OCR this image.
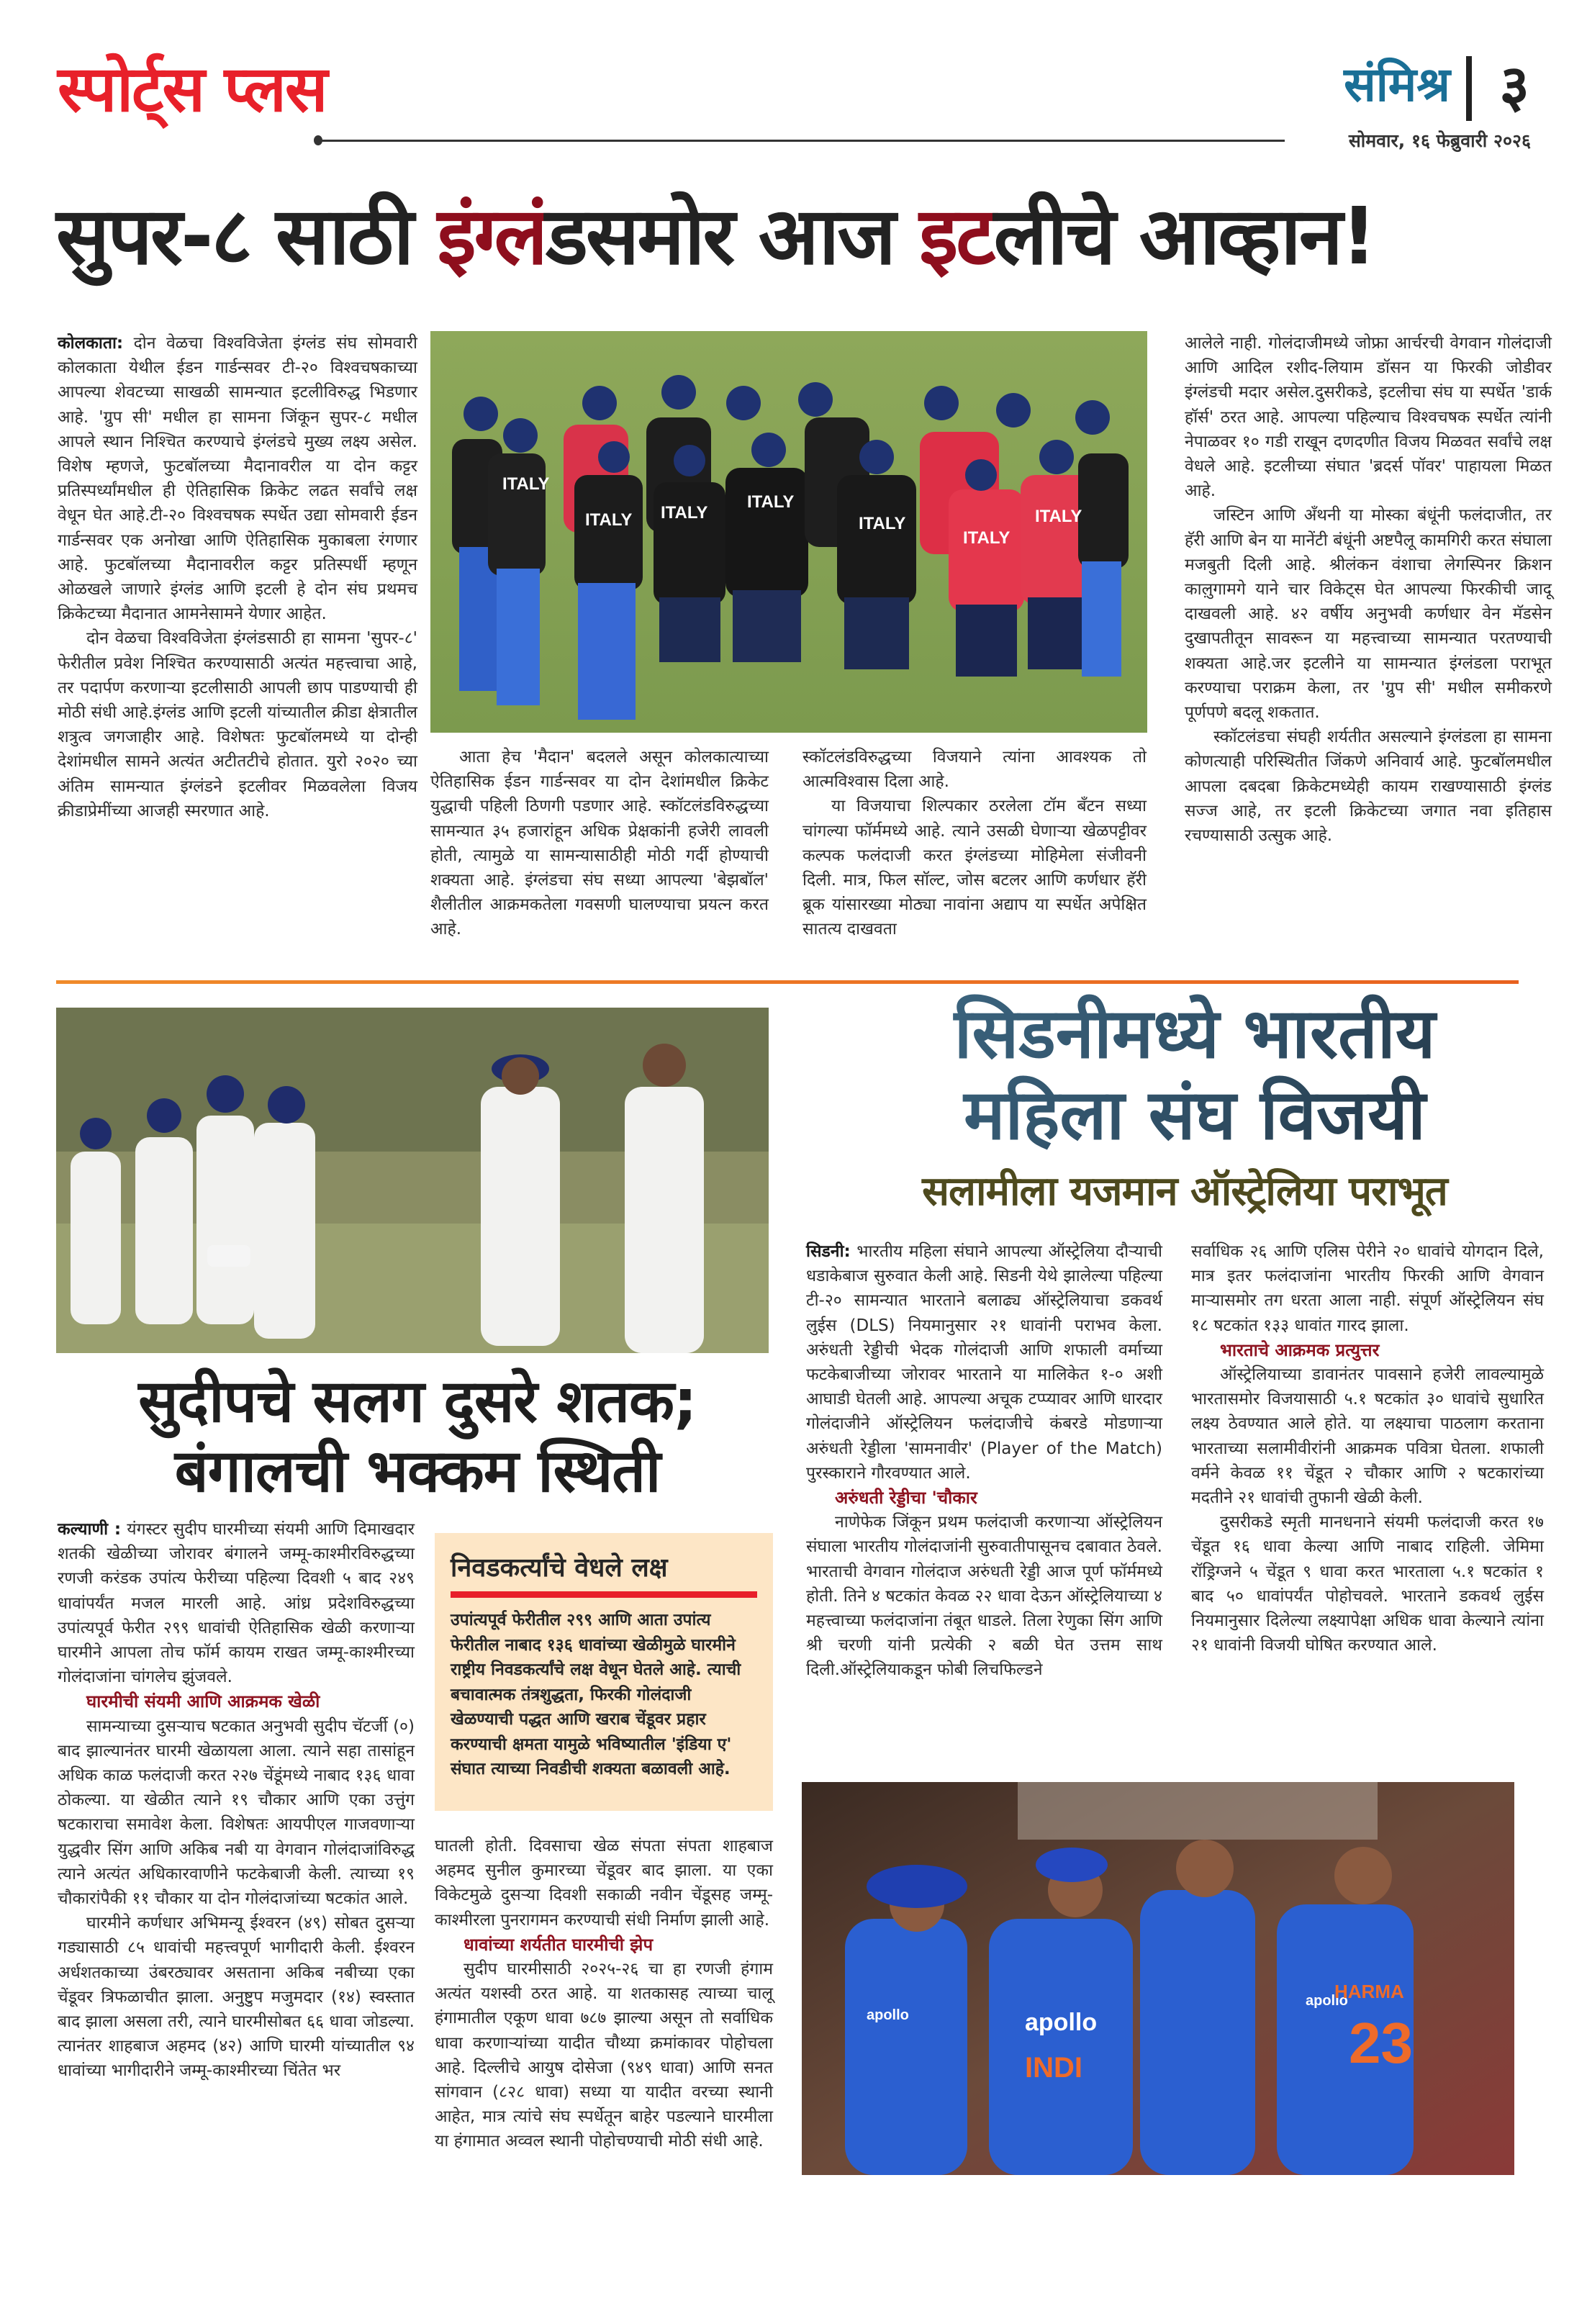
स्पोर्ट्स प्लस	संमिश्र ३
सोमवार, १६ फेब्रुवारी २०२६
सुपर-८ साठी इंग्लंडसमोर आज इटलीचे आव्हान!

कोलकाता: दोन वेळचा विश्वविजेता इंग्लंड संघ सोमवारी कोलकाता येथील ईडन गार्डन्सवर टी-२० विश्वचषकाच्या आपल्या शेवटच्या साखळी सामन्यात इटलीविरुद्ध भिडणार आहे. 'ग्रुप सी' मधील हा सामना जिंकून सुपर-८ मधील आपले स्थान निश्चित करण्याचे इंग्लंडचे मुख्य लक्ष्य असेल. विशेष म्हणजे, फुटबॉलच्या मैदानावरील या दोन कट्टर प्रतिस्पर्ध्यांमधील ही ऐतिहासिक क्रिकेट लढत सर्वांचे लक्ष वेधून घेत आहे.टी-२० विश्वचषक स्पर्धेत उद्या सोमवारी ईडन गार्डन्सवर एक अनोखा आणि ऐतिहासिक मुकाबला रंगणार आहे. फुटबॉलच्या मैदानावरील कट्टर प्रतिस्पर्धी म्हणून ओळखले जाणारे इंग्लंड आणि इटली हे दोन संघ प्रथमच क्रिकेटच्या मैदानात आमनेसामने येणार आहेत.

दोन वेळचा विश्वविजेता इंग्लंडसाठी हा सामना 'सुपर-८' फेरीतील प्रवेश निश्चित करण्यासाठी अत्यंत महत्त्वाचा आहे, तर पदार्पण करणाऱ्या इटलीसाठी आपली छाप पाडण्याची ही मोठी संधी आहे.इंग्लंड आणि इटली यांच्यातील क्रीडा क्षेत्रातील शत्रुत्व जगजाहीर आहे. विशेषतः फुटबॉलमध्ये या दोन्ही देशांमधील सामने अत्यंत अटीतटीचे होतात. युरो २०२० च्या अंतिम सामन्यात इंग्लंडने इटलीवर मिळवलेला विजय क्रीडाप्रेमींच्या आजही स्मरणात आहे.

ITALY
ITALY ITALY
ITALY
ITALY
ITALY
ITALY

आता हेच 'मैदान' बदलले असून कोलकात्याच्या ऐतिहासिक ईडन गार्डन्सवर या दोन देशांमधील क्रिकेट युद्धाची पहिली ठिणगी पडणार आहे. स्कॉटलंडविरुद्धच्या सामन्यात ३५ हजारांहून अधिक प्रेक्षकांनी हजेरी लावली होती, त्यामुळे या सामन्यासाठीही मोठी गर्दी होण्याची शक्यता आहे. इंग्लंडचा संघ सध्या आपल्या 'बेझबॉल' शैलीतील आक्रमकतेला गवसणी घालण्याचा प्रयत्न करत आहे.

स्कॉटलंडविरुद्धच्या विजयाने त्यांना आवश्यक तो आत्मविश्वास दिला आहे.

या विजयाचा शिल्पकार ठरलेला टॉम बँटन सध्या चांगल्या फॉर्ममध्ये आहे. त्याने उसळी घेणाऱ्या खेळपट्टीवर कल्पक फलंदाजी करत इंग्लंडच्या मोहिमेला संजीवनी दिली. मात्र, फिल सॉल्ट, जोस बटलर आणि कर्णधार हॅरी ब्रूक यांसारख्या मोठ्या नावांना अद्याप या स्पर्धेत अपेक्षित सातत्य दाखवता

आलेले नाही. गोलंदाजीमध्ये जोफ्रा आर्चरची वेगवान गोलंदाजी आणि आदिल रशीद-लियाम डॉसन या फिरकी जोडीवर इंग्लंडची मदार असेल.दुसरीकडे, इटलीचा संघ या स्पर्धेत 'डार्क हॉर्स' ठरत आहे. आपल्या पहिल्याच विश्वचषक स्पर्धेत त्यांनी नेपाळवर १० गडी राखून दणदणीत विजय मिळवत सर्वांचे लक्ष वेधले आहे. इटलीच्या संघात 'ब्रदर्स पॉवर' पाहायला मिळत आहे.

जस्टिन आणि अँथनी या मोस्का बंधूंनी फलंदाजीत, तर हॅरी आणि बेन या मानेंटी बंधूंनी अष्टपैलू कामगिरी करत संघाला मजबुती दिली आहे. श्रीलंकन वंशाचा लेगस्पिनर क्रिशन काल़ुगामगे याने चार विकेट्स घेत आपल्या फिरकीची जादू दाखवली आहे. ४२ वर्षीय अनुभवी कर्णधार वेन मॅडसेन दुखापतीतून सावरून या महत्त्वाच्या सामन्यात परतण्याची शक्यता आहे.जर इटलीने या सामन्यात इंग्लंडला पराभूत करण्याचा पराक्रम केला, तर 'ग्रुप सी' मधील समीकरणे पूर्णपणे बदलू शकतात.

स्कॉटलंडचा संघही शर्यतीत असल्याने इंग्लंडला हा सामना कोणत्याही परिस्थितीत जिंकणे अनिवार्य आहे. फुटबॉलमधील आपला दबदबा क्रिकेटमध्येही कायम राखण्यासाठी इंग्लंड सज्ज आहे, तर इटली क्रिकेटच्या जगात नवा इतिहास रचण्यासाठी उत्सुक आहे.

सुदीपचे सलग दुसरे शतक;
बंगालची भक्कम स्थिती

कल्याणी : यंगस्टर सुदीप घारमीच्या संयमी आणि दिमाखदार शतकी खेळीच्या जोरावर बंगालने जम्मू-काश्मीरविरुद्धच्या रणजी करंडक उपांत्य फेरीच्या पहिल्या दिवशी ५ बाद २४९ धावांपर्यंत मजल मारली आहे. आंध्र प्रदेशविरुद्धच्या उपांत्यपूर्व फेरीत २९९ धावांची ऐतिहासिक खेळी करणाऱ्या घारमीने आपला तोच फॉर्म कायम राखत जम्मू-काश्मीरच्या गोलंदाजांना चांगलेच झुंजवले.

घारमीची संयमी आणि आक्रमक खेळी

सामन्याच्या दुसऱ्याच षटकात अनुभवी सुदीप चॅटर्जी (०) बाद झाल्यानंतर घारमी खेळायला आला. त्याने सहा तासांहून अधिक काळ फलंदाजी करत २२७ चेंडूंमध्ये नाबाद १३६ धावा ठोकल्या. या खेळीत त्याने १९ चौकार आणि एका उत्तुंग षटकाराचा समावेश केला. विशेषतः आयपीएल गाजवणाऱ्या युद्धवीर सिंग आणि अकिब नबी या वेगवान गोलंदाजांविरुद्ध त्याने अत्यंत अधिकारवाणीने फटकेबाजी केली. त्याच्या १९ चौकारांपैकी ११ चौकार या दोन गोलंदाजांच्या षटकांत आले.

घारमीने कर्णधार अभिमन्यू ईश्वरन (४९) सोबत दुसऱ्या गड्यासाठी ८५ धावांची महत्त्वपूर्ण भागीदारी केली. ईश्वरन अर्धशतकाच्या उंबरठ्यावर असताना अकिब नबीच्या एका चेंडूवर त्रिफळाचीत झाला. अनुष्टुप मजुमदार (१४) स्वस्तात बाद झाला असला तरी, त्याने घारमीसोबत ६६ धावा जोडल्या. त्यानंतर शाहबाज अहमद (४२) आणि घारमी यांच्यातील ९४ धावांच्या भागीदारीने जम्मू-काश्मीरच्या चिंतेत भर

निवडकर्त्यांचे वेधले लक्ष
उपांत्यपूर्व फेरीतील २९९ आणि आता उपांत्य फेरीतील नाबाद १३६ धावांच्या खेळीमुळे घारमीने राष्ट्रीय निवडकर्त्यांचे लक्ष वेधून घेतले आहे. त्याची बचावात्मक तंत्रशुद्धता, फिरकी गोलंदाजी खेळण्याची पद्धत आणि खराब चेंडूवर प्रहार करण्याची क्षमता यामुळे भविष्यातील 'इंडिया ए' संघात त्याच्या निवडीची शक्यता बळावली आहे.

घातली होती. दिवसाचा खेळ संपता संपता शाहबाज अहमद सुनील कुमारच्या चेंडूवर बाद झाला. या एका विकेटमुळे दुसऱ्या दिवशी सकाळी नवीन चेंडूसह जम्मू-काश्मीरला पुनरागमन करण्याची संधी निर्माण झाली आहे.

धावांच्या शर्यतीत घारमीची झेप

सुदीप घारमीसाठी २०२५-२६ चा हा रणजी हंगाम अत्यंत यशस्वी ठरत आहे. या शतकासह त्याच्या चालू हंगामातील एकूण धावा ७८७ झाल्या असून तो सर्वाधिक धावा करणाऱ्यांच्या यादीत चौथ्या क्रमांकावर पोहोचला आहे. दिल्लीचे आयुष दोसेजा (९४९ धावा) आणि सनत सांगवान (८२८ धावा) सध्या या यादीत वरच्या स्थानी आहेत, मात्र त्यांचे संघ स्पर्धेतून बाहेर पडल्याने घारमीला या हंगामात अव्वल स्थानी पोहोचण्याची मोठी संधी आहे.

सिडनीमध्ये भारतीय
महिला संघ विजयी
सलामीला यजमान ऑस्ट्रेलिया पराभूत

सिडनी: भारतीय महिला संघाने आपल्या ऑस्ट्रेलिया दौऱ्याची धडाकेबाज सुरुवात केली आहे. सिडनी येथे झालेल्या पहिल्या टी-२० सामन्यात भारताने बलाढ्य ऑस्ट्रेलियाचा डकवर्थ लुईस (DLS) नियमानुसार २१ धावांनी पराभव केला. अरुंधती रेड्डीची भेदक गोलंदाजी आणि शफाली वर्माच्या फटकेबाजीच्या जोरावर भारताने या मालिकेत १-० अशी आघाडी घेतली आहे. आपल्या अचूक टप्प्यावर आणि धारदार गोलंदाजीने ऑस्ट्रेलियन फलंदाजीचे कंबरडे मोडणाऱ्या अरुंधती रेड्डीला 'सामनावीर' (Player of the Match) पुरस्काराने गौरवण्यात आले.

अरुंधती रेड्डीचा 'चौकार

नाणेफेक जिंकून प्रथम फलंदाजी करणाऱ्या ऑस्ट्रेलियन संघाला भारतीय गोलंदाजांनी सुरुवातीपासूनच दबावात ठेवले. भारताची वेगवान गोलंदाज अरुंधती रेड्डी आज पूर्ण फॉर्ममध्ये होती. तिने ४ षटकांत केवळ २२ धावा देऊन ऑस्ट्रेलियाच्या ४ महत्त्वाच्या फलंदाजांना तंबूत धाडले. तिला रेणुका सिंग आणि श्री चरणी यांनी प्रत्येकी २ बळी घेत उत्तम साथ दिली.ऑस्ट्रेलियाकडून फोबी लिचफिल्डने

सर्वाधिक २६ आणि एलिस पेरीने २० धावांचे योगदान दिले, मात्र इतर फलंदाजांना भारतीय फिरकी आणि वेगवान माऱ्यासमोर तग धरता आला नाही. संपूर्ण ऑस्ट्रेलियन संघ १८ षटकांत १३३ धावांत गारद झाला.

भारताचे आक्रमक प्रत्युत्तर

ऑस्ट्रेलियाच्या डावानंतर पावसाने हजेरी लावल्यामुळे भारतासमोर विजयासाठी ५.१ षटकांत ३० धावांचे सुधारित लक्ष्य ठेवण्यात आले होते. या लक्ष्याचा पाठलाग करताना भारताच्या सलामीवीरांनी आक्रमक पवित्रा घेतला. शफाली वर्मने केवळ ११ चेंडूत २ चौकार आणि २ षटकारांच्या मदतीने २१ धावांची तुफानी खेळी केली.

दुसरीकडे स्मृती मानधनाने संयमी फलंदाजी करत १७ चेंडूत १६ धावा केल्या आणि नाबाद राहिली. जेमिमा रॉड्रिग्जने ५ चेंडूत ९ धावा करत भारताला ५.१ षटकांत १ बाद ५० धावांपर्यंत पोहोचवले. भारताने डकवर्थ लुईस नियमानुसार दिलेल्या लक्ष्यापेक्षा अधिक धावा केल्याने त्यांना २१ धावांनी विजयी घोषित करण्यात आले.

apollo
apollo
apollo
INDI
HARMA
23
